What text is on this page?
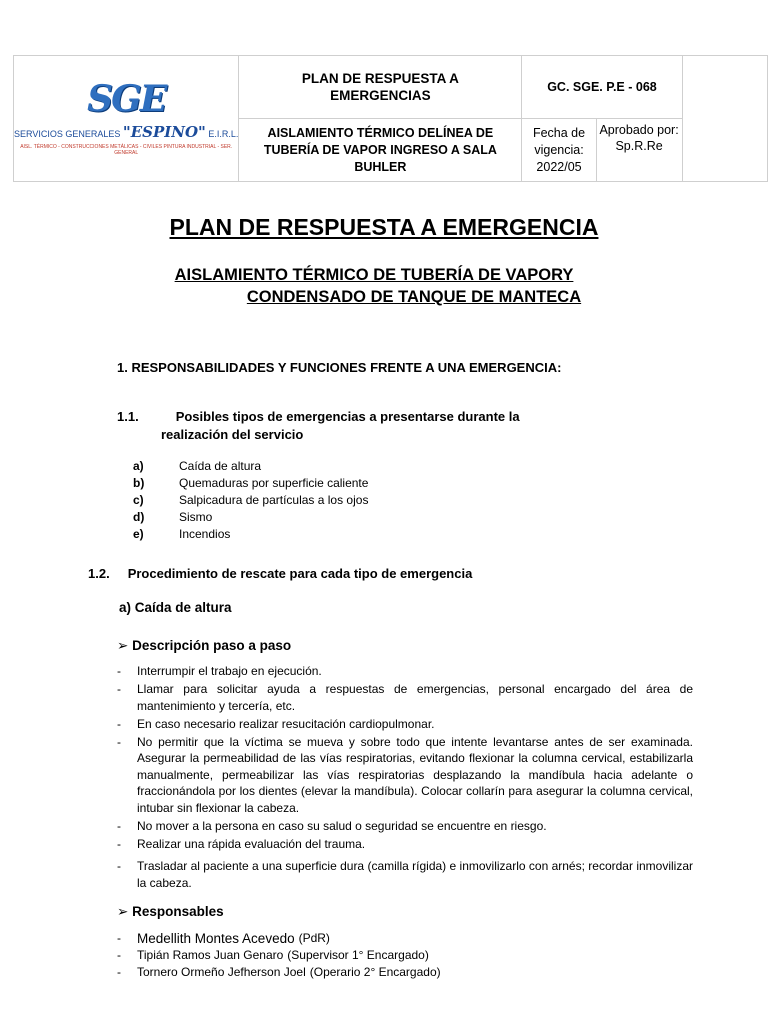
SGE
SERVICIOS GENERALES "ESPINO" E.I.R.L.
AISL. TÉRMICO - CONSTRUCCIONES METÁLICAS - CIVILES PINTURA INDUSTRIAL - SER. GENERAL	PLAN DE RESPUESTA A EMERGENCIAS	GC. SGE. P.E - 068		
	AISLAMIENTO TÉRMICO DELÍNEA DE TUBERÍA DE VAPOR INGRESO A SALA BUHLER	Fecha de vigencia: 2022/05	Aprobado por: Sp.R.Re	
PLAN DE RESPUESTA A EMERGENCIA
AISLAMIENTO TÉRMICO DE TUBERÍA DE VAPORY
CONDENSADO DE TANQUE DE MANTECA
1. RESPONSABILIDADES Y FUNCIONES FRENTE A UNA EMERGENCIA:
1.1.	Posibles tipos de emergencias a presentarse durante la
realización del servicio
a)	Caída de altura
b)	Quemaduras por superficie caliente
c)	Salpicadura de partículas a los ojos
d)	Sismo
e)	Incendios
1.2. Procedimiento de rescate para cada tipo de emergencia
a) Caída de altura
➢ Descripción paso a paso
-	Interrumpir el trabajo en ejecución.
-	Llamar para solicitar ayuda a respuestas de emergencias, personal encargado del área de mantenimiento y tercería, etc.
-	En caso necesario realizar resucitación cardiopulmonar.
-	No permitir que la víctima se mueva y sobre todo que intente levantarse antes de ser examinada. Asegurar la permeabilidad de las vías respiratorias, evitando flexionar la columna cervical, estabilizarla manualmente, permeabilizar las vías respiratorias desplazando la mandíbula hacia adelante o fraccionándola por los dientes (elevar la mandíbula). Colocar collarín para asegurar la columna cervical, intubar sin flexionar la cabeza.
-	No mover a la persona en caso su salud o seguridad se encuentre en riesgo.
-	Realizar una rápida evaluación del trauma.
-	Trasladar al paciente a una superficie dura (camilla rígida) e inmovilizarlo con arnés; recordar inmovilizar la cabeza.
➢ Responsables
-	Medellith Montes Acevedo (PdR)
-	Tipián Ramos Juan Genaro (Supervisor 1° Encargado)
-	Tornero Ormeño Jefherson Joel (Operario 2° Encargado)
